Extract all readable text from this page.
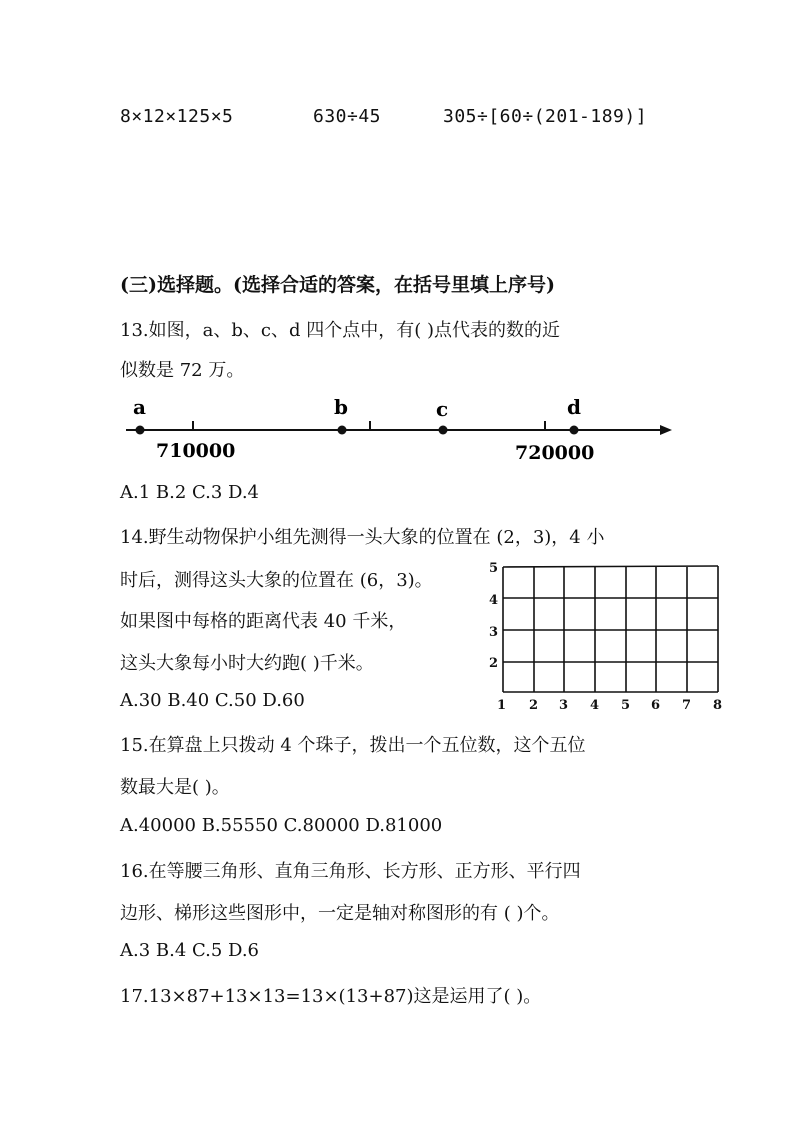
8×12×125×5	630÷45	305÷[60÷(201-189)]
(三)选择题。(选择合适的答案，在括号里填上序号)
13.如图，a、b、c、d 四个点中，有( )点代表的数的近
似数是 72 万。
a	b	c	d
710000	720000
A.1 B.2 C.3 D.4
14.野生动物保护小组先测得一头大象的位置在 (2，3)，4 小
时后，测得这头大象的位置在 (6，3)。
如果图中每格的距离代表 40 千米，
这头大象每小时大约跑( )千米。
5
4
3
2
1 2 3 4 5 6 7 8
A.30 B.40 C.50 D.60
15.在算盘上只拨动 4 个珠子，拨出一个五位数，这个五位
数最大是( )。
A.40000 B.55550 C.80000 D.81000
16.在等腰三角形、直角三角形、长方形、正方形、平行四
边形、梯形这些图形中，一定是轴对称图形的有 ( )个。
A.3 B.4 C.5 D.6
17.13×87+13×13=13×(13+87)这是运用了( )。
